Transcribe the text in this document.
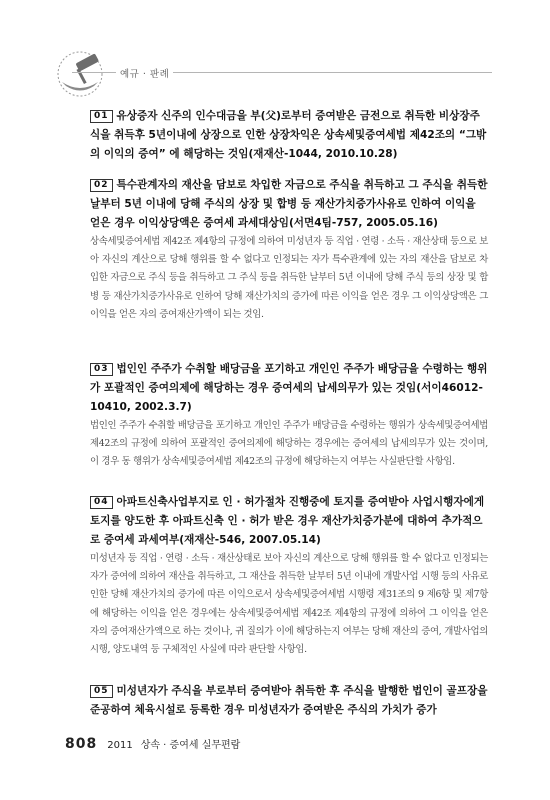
예규 · 판례

01 유상증자 신주의 인수대금을 부(父)로부터 증여받은 금전으로 취득한 비상장주식을 취득후 5년이내에 상장으로 인한 상장차익은 상속세및증여세법 제42조의 “그밖의 이익의 증여” 에 해당하는 것임(재재산-1044, 2010.10.28)

02 특수관계자의 재산을 담보로 차입한 자금으로 주식을 취득하고 그 주식을 취득한 날부터 5년 이내에 당해 주식의 상장 및 합병 등 재산가치증가사유로 인하여 이익을 얻은 경우 이익상당액은 증여세 과세대상임(서면4팀-757, 2005.05.16)

상속세및증여세법 제42조 제4항의 규정에 의하여 미성년자 등 직업 · 연령 · 소득 · 재산상태 등으로 보아 자신의 계산으로 당해 행위를 할 수 없다고 인정되는 자가 특수관계에 있는 자의 재산을 담보로 차입한 자금으로 주식 등을 취득하고 그 주식 등을 취득한 날부터 5년 이내에 당해 주식 등의 상장 및 합병 등 재산가치증가사유로 인하여 당해 재산가치의 증가에 따른 이익을 얻은 경우 그 이익상당액은 그 이익을 얻은 자의 증여재산가액이 되는 것임.

03 법인인 주주가 수취할 배당금을 포기하고 개인인 주주가 배당금을 수령하는 행위가 포괄적인 증여의제에 해당하는 경우 증여세의 납세의무가 있는 것임(서이46012-10410, 2002.3.7)

법인인 주주가 수취할 배당금을 포기하고 개인인 주주가 배당금을 수령하는 행위가 상속세및증여세법 제42조의 규정에 의하여 포괄적인 증여의제에 해당하는 경우에는 증여세의 납세의무가 있는 것이며, 이 경우 동 행위가 상속세및증여세법 제42조의 규정에 해당하는지 여부는 사실판단할 사항임.

04 아파트신축사업부지로 인 · 허가절차 진행중에 토지를 증여받아 사업시행자에게 토지를 양도한 후 아파트신축 인 · 허가 받은 경우 재산가치증가분에 대하여 추가적으로 증여세 과세여부(재재산-546, 2007.05.14)

미성년자 등 직업 · 연령 · 소득 · 재산상태로 보아 자신의 계산으로 당해 행위를 할 수 없다고 인정되는 자가 증여에 의하여 재산을 취득하고, 그 재산을 취득한 날부터 5년 이내에 개발사업 시행 등의 사유로 인한 당해 재산가치의 증가에 따른 이익으로서 상속세및증여세법 시행령 제31조의 9 제6항 및 제7항에 해당하는 이익을 얻은 경우에는 상속세및증여세법 제42조 제4항의 규정에 의하여 그 이익을 얻은 자의 증여재산가액으로 하는 것이나, 귀 질의가 이에 해당하는지 여부는 당해 재산의 증여, 개발사업의 시행, 양도내역 등 구체적인 사실에 따라 판단할 사항임.

05 미성년자가 주식을 부로부터 증여받아 취득한 후 주식을 발행한 법인이 골프장을 준공하여 체육시설로 등록한 경우 미성년자가 증여받은 주식의 가치가 증가

808 2011 상속 · 증여세 실무편람
